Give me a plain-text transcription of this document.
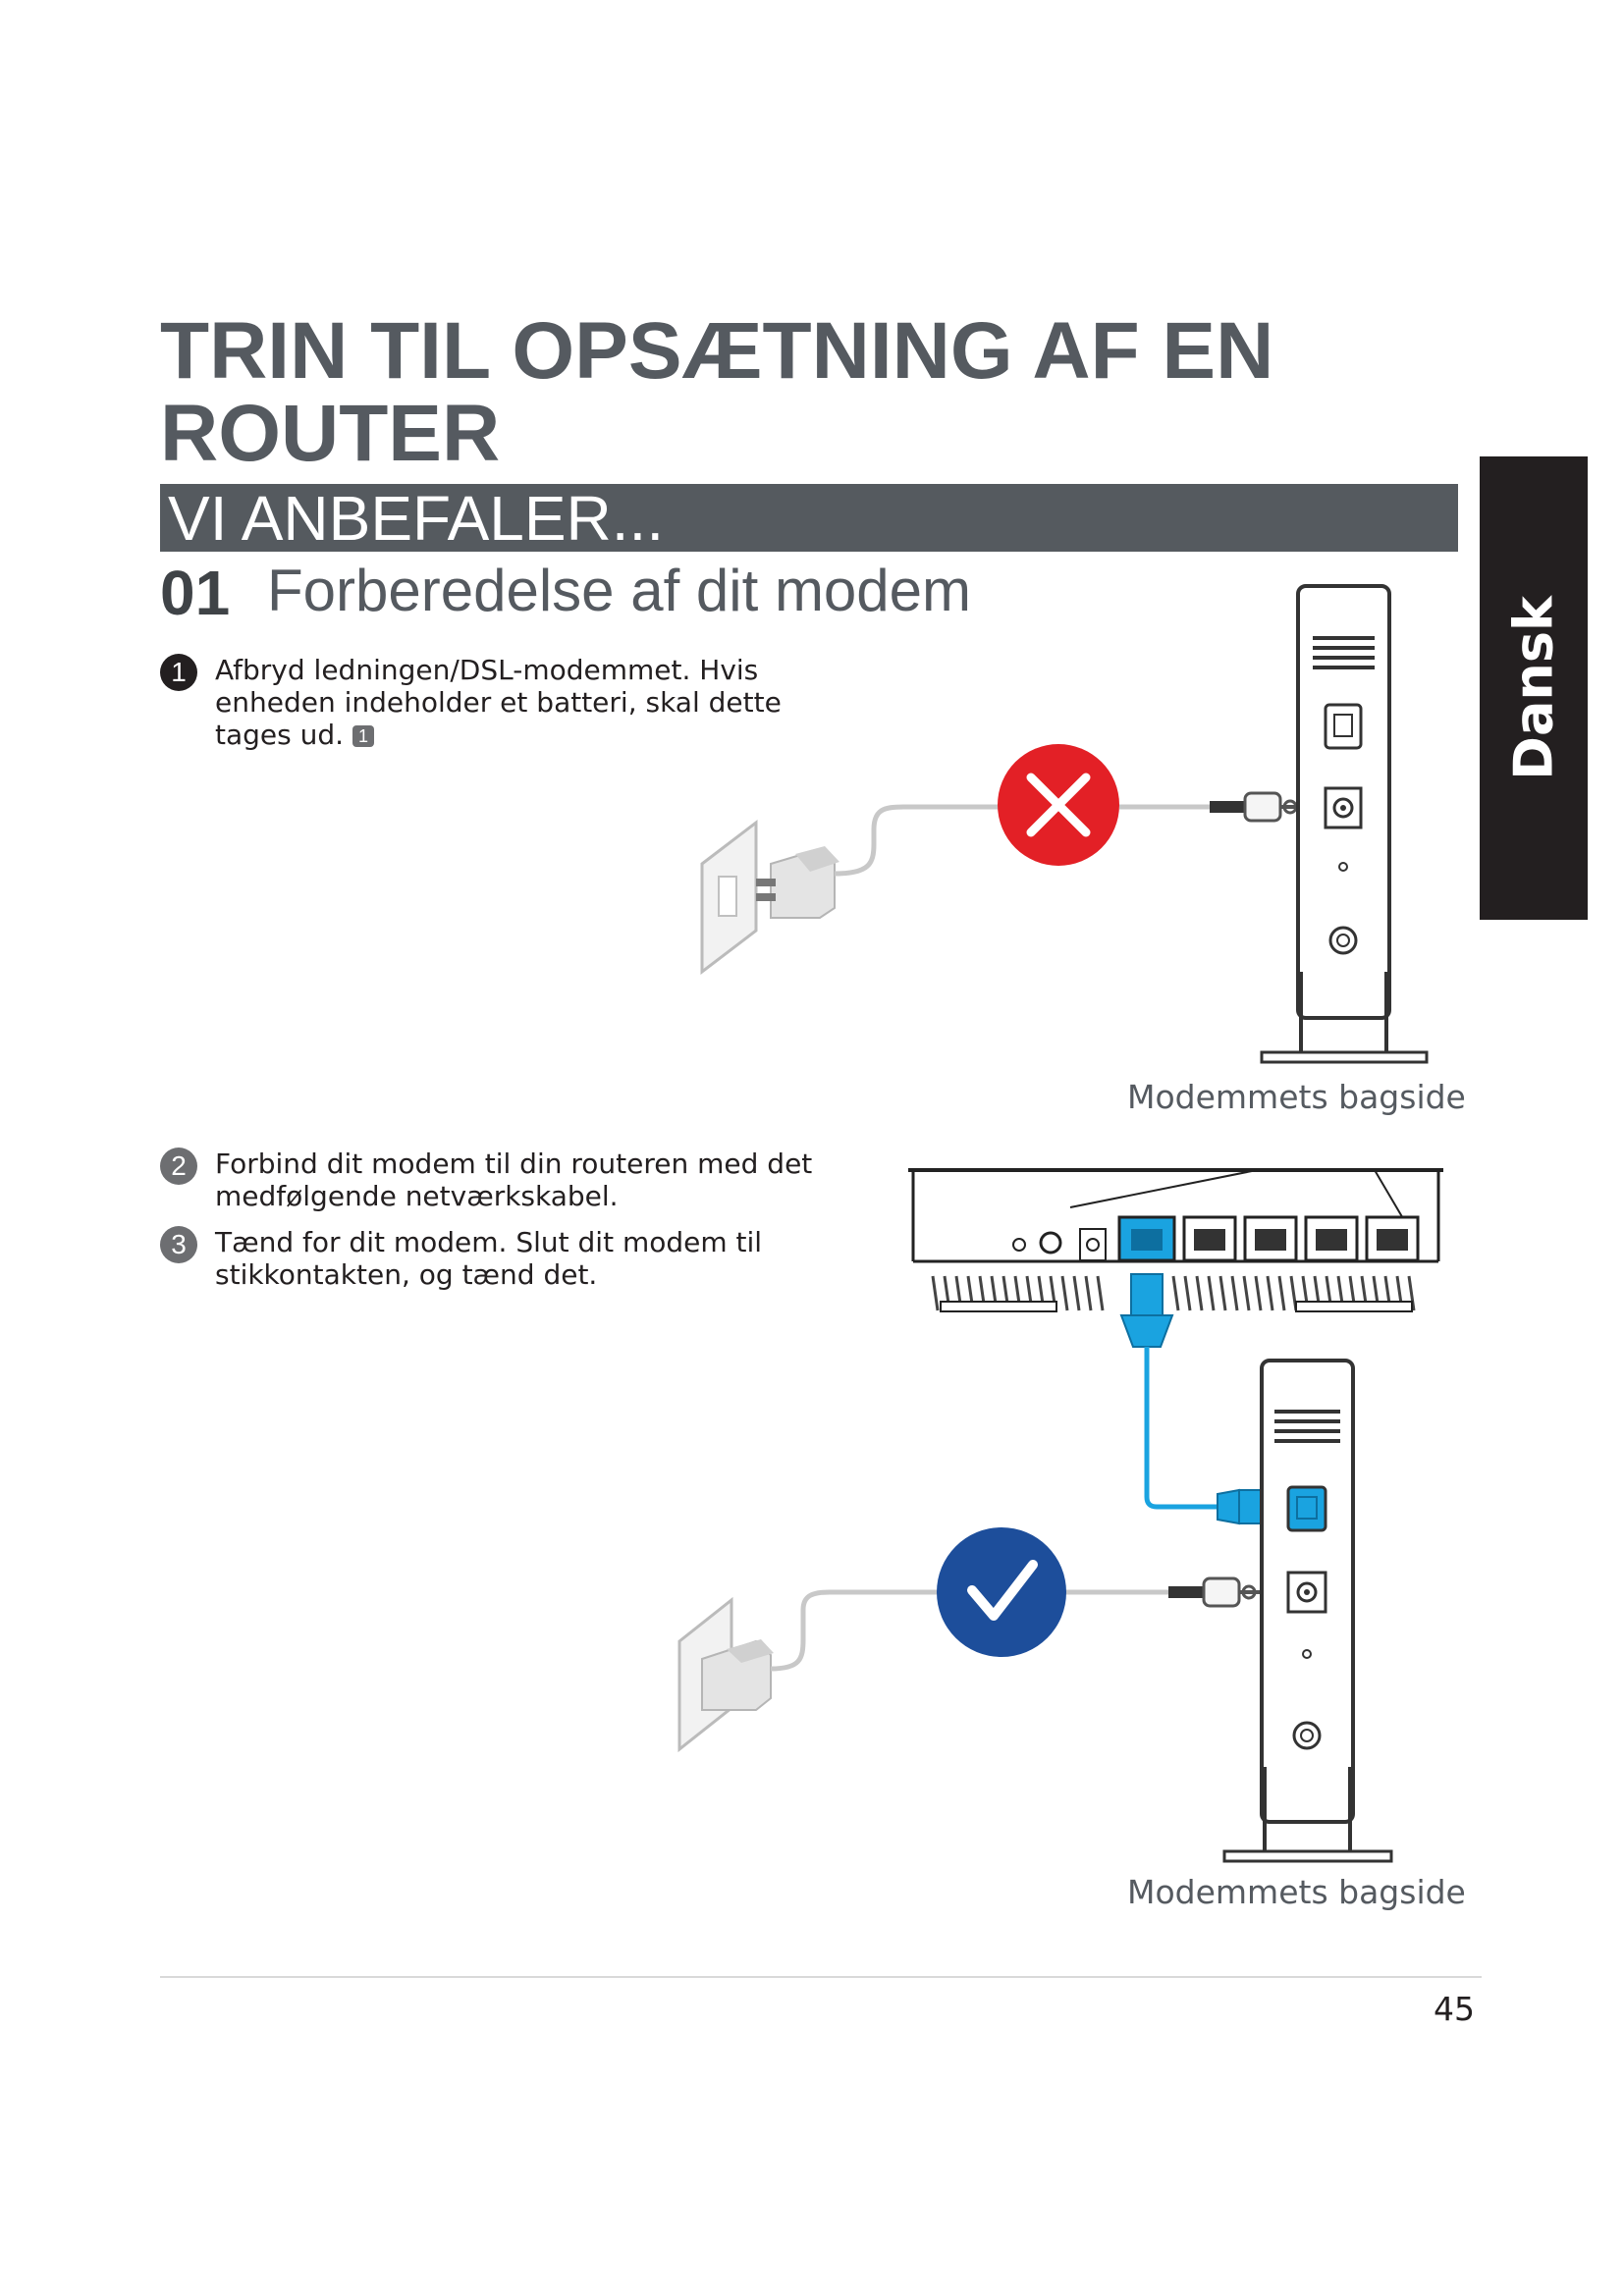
TRIN TIL OPSÆTNING AF EN
ROUTER
VI ANBEFALER...
01 Forberedelse af dit modem
Dansk
1	Afbryd ledningen/DSL-modemmet. Hvis
enheden indeholder et batteri, skal dette
tages ud. 1
2	Forbind dit modem til din routeren med det
medfølgende netværkskabel.
3	Tænd for dit modem. Slut dit modem til
stikkontakten, og tænd det.
Modemmets bagside
Modemmets bagside
45
